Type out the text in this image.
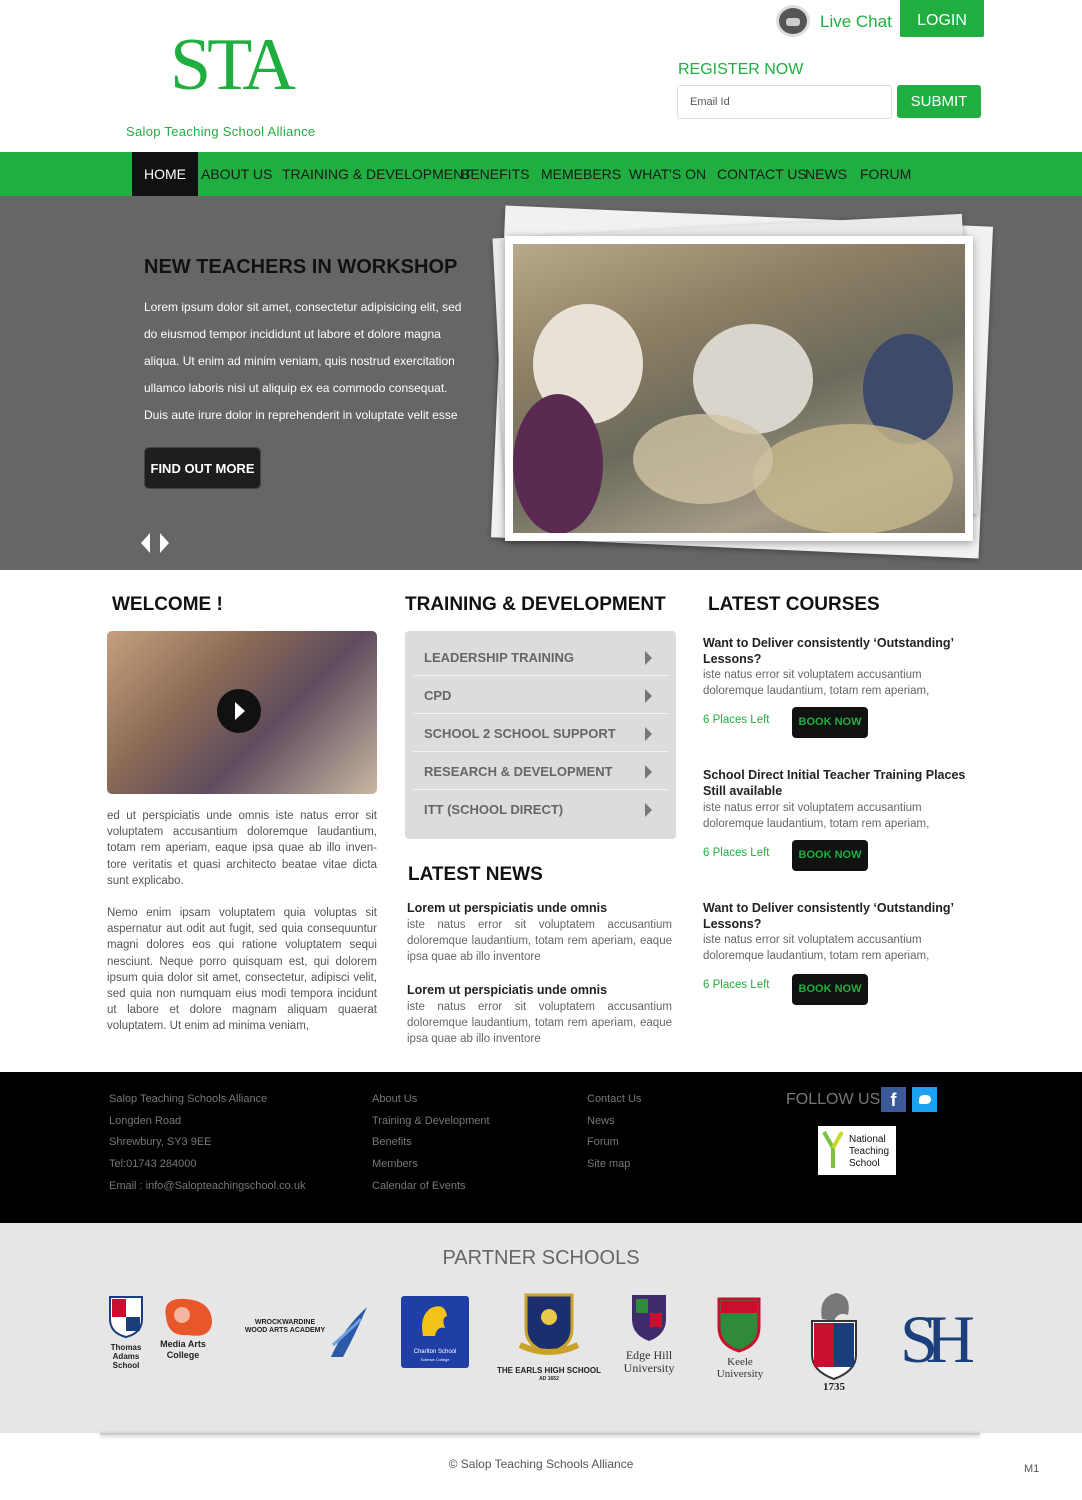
STA
Salop Teaching School Alliance
Live Chat	LOGIN
REGISTER NOW
Email Id
SUBMIT
HOME	ABOUT US TRAINING & DEVELOPMENT
BENEFITS MEMEBERS WHAT'S ON CONTACT US
NEWS FORUM
NEW TEACHERS IN WORKSHOP
Lorem ipsum dolor sit amet, consectetur adipisicing elit, sed do eiusmod tempor incididunt ut labore et dolore magna aliqua. Ut enim ad minim veniam, quis nostrud exercitation ullamco laboris nisi ut aliquip ex ea commodo consequat. Duis aute irure dolor in reprehenderit in voluptate velit esse
FIND OUT MORE
WELCOME !
ed ut perspiciatis unde omnis iste natus error sit voluptatem accusantium doloremque laudantium, totam rem aperiam, eaque ipsa quae ab illo inven-tore veritatis et quasi architecto beatae vitae dicta sunt explicabo.
Nemo enim ipsam voluptatem quia voluptas sit aspernatur aut odit aut fugit, sed quia consequuntur magni dolores eos qui ratione voluptatem sequi nesciunt. Neque porro quisquam est, qui dolorem ipsum quia dolor sit amet, consectetur, adipisci velit, sed quia non numquam eius modi tempora incidunt ut labore et dolore magnam aliquam quaerat voluptatem. Ut enim ad minima veniam,
TRAINING & DEVELOPMENT
LEADERSHIP TRAINING
CPD
SCHOOL 2 SCHOOL SUPPORT
RESEARCH & DEVELOPMENT
ITT (SCHOOL DIRECT)
LATEST NEWS
Lorem ut perspiciatis unde omnis
iste natus error sit voluptatem accusantium doloremque laudantium, totam rem aperiam, eaque ipsa quae ab illo inventore
Lorem ut perspiciatis unde omnis
iste natus error sit voluptatem accusantium doloremque laudantium, totam rem aperiam, eaque ipsa quae ab illo inventore
LATEST COURSES
Want to Deliver consistently ‘Outstanding’ Lessons?
iste natus error sit voluptatem accusantium doloremque laudantium, totam rem aperiam,
6 Places Left	BOOK NOW
School Direct Initial Teacher Training Places Still available
iste natus error sit voluptatem accusantium doloremque laudantium, totam rem aperiam,
6 Places Left	BOOK NOW
Want to Deliver consistently ‘Outstanding’ Lessons?
iste natus error sit voluptatem accusantium doloremque laudantium, totam rem aperiam,
6 Places Left	BOOK NOW
Salop Teaching Schools Alliance
Longden Road
Shrewbury, SY3 9EE
Tel:01743 284000
Email : info@Salopteachingschool.co.uk
About Us
Training & Development
Benefits
Members
Calendar of Events
Contact Us
News
Forum
Site map
FOLLOW US f
National
Teaching
School
PARTNER SCHOOLS
Thomas Adams
School
Media Arts
College
WROCKWARDINE WOOD ARTS ACADEMY
Charlton School
Science College
THE EARLS HIGH SCHOOL
AD 1652
Edge Hill
University	Keele
University
1735
SH
© Salop Teaching Schools Alliance	M1
